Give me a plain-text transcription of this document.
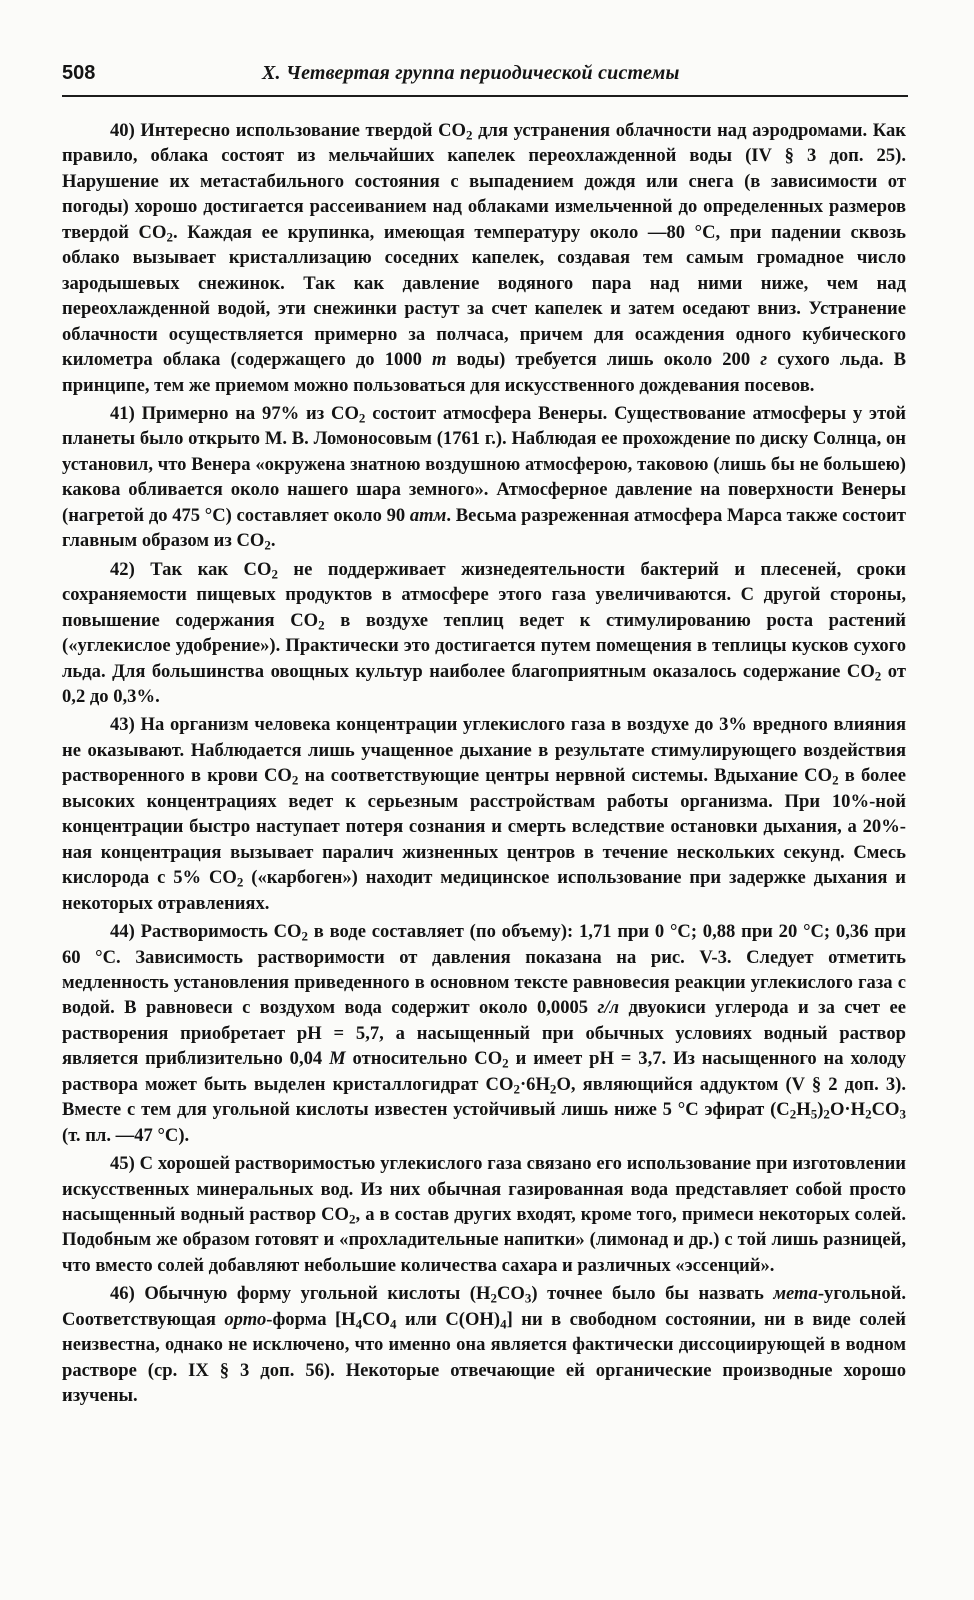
508	X. Четвертая группа периодической системы

40) Интересно использование твердой $CO_2$ для устранения облачности над аэродромами. Как правило, облака состоят из мельчайших капелек переохлажденной воды (IV § 3 доп. 25). Нарушение их метастабильного состояния с выпадением дождя или снега (в зависимости от погоды) хорошо достигается рассеиванием над облаками измельченной до определенных размеров твердой $CO_2$. Каждая ее крупинка, имеющая температуру около —80 °C, при падении сквозь облако вызывает кристаллизацию соседних капелек, создавая тем самым громадное число зародышевых снежинок. Так как давление водяного пара над ними ниже, чем над переохлажденной водой, эти снежинки растут за счет капелек и затем оседают вниз. Устранение облачности осуществляется примерно за полчаса, причем для осаждения одного кубического километра облака (содержащего до 1000 т воды) требуется лишь около 200 г сухого льда. В принципе, тем же приемом можно пользоваться для искусственного дождевания посевов.

41) Примерно на 97% из $CO_2$ состоит атмосфера Венеры. Существование атмосферы у этой планеты было открыто М. В. Ломоносовым (1761 г.). Наблюдая ее прохождение по диску Солнца, он установил, что Венера «окружена знатною воздушною атмосферою, таковою (лишь бы не большею) какова обливается около нашего шара земного». Атмосферное давление на поверхности Венеры (нагретой до 475 °C) составляет около 90 атм. Весьма разреженная атмосфера Марса также состоит главным образом из $CO_2$.

42) Так как $CO_2$ не поддерживает жизнедеятельности бактерий и плесеней, сроки сохраняемости пищевых продуктов в атмосфере этого газа увеличиваются. С другой стороны, повышение содержания $CO_2$ в воздухе теплиц ведет к стимулированию роста растений («углекислое удобрение»). Практически это достигается путем помещения в теплицы кусков сухого льда. Для большинства овощных культур наиболее благоприятным оказалось содержание $CO_2$ от 0,2 до 0,3%.

43) На организм человека концентрации углекислого газа в воздухе до 3% вредного влияния не оказывают. Наблюдается лишь учащенное дыхание в результате стимулирующего воздействия растворенного в крови $CO_2$ на соответствующие центры нервной системы. Вдыхание $CO_2$ в более высоких концентрациях ведет к серьезным расстройствам работы организма. При 10%-ной концентрации быстро наступает потеря сознания и смерть вследствие остановки дыхания, а 20%-ная концентрация вызывает паралич жизненных центров в течение нескольких секунд. Смесь кислорода с 5% $CO_2$ («карбоген») находит медицинское использование при задержке дыхания и некоторых отравлениях.

44) Растворимость $CO_2$ в воде составляет (по объему): 1,71 при 0 °C; 0,88 при 20 °C; 0,36 при 60 °C. Зависимость растворимости от давления показана на рис. V-3. Следует отметить медленность установления приведенного в основном тексте равновесия реакции углекислого газа с водой. В равновеси с воздухом вода содержит около 0,0005 г/л двуокиси углерода и за счет ее растворения приобретает pH = 5,7, а насыщенный при обычных условиях водный раствор является приблизительно 0,04 М относительно $CO_2$ и имеет pH = 3,7. Из насыщенного на холоду раствора может быть выделен кристаллогидрат $CO_2\cdot 6H_2O$, являющийся аддуктом (V § 2 доп. 3). Вместе с тем для угольной кислоты известен устойчивый лишь ниже 5 °C эфират $(C_2H_5)_2O\cdot H_2CO_3$ (т. пл. —47 °C).

45) С хорошей растворимостью углекислого газа связано его использование при изготовлении искусственных минеральных вод. Из них обычная газированная вода представляет собой просто насыщенный водный раствор $CO_2$, а в состав других входят, кроме того, примеси некоторых солей. Подобным же образом готовят и «прохладительные напитки» (лимонад и др.) с той лишь разницей, что вместо солей добавляют небольшие количества сахара и различных «эссенций».

46) Обычную форму угольной кислоты $(H_2CO_3)$ точнее было бы назвать мета-угольной. Соответствующая орто-форма [$H_4CO_4$ или $C(OH)_4$] ни в свободном состоянии, ни в виде солей неизвестна, однако не исключено, что именно она является фактически диссоциирующей в водном растворе (ср. IX § 3 доп. 56). Некоторые отвечающие ей органические производные хорошо изучены.
